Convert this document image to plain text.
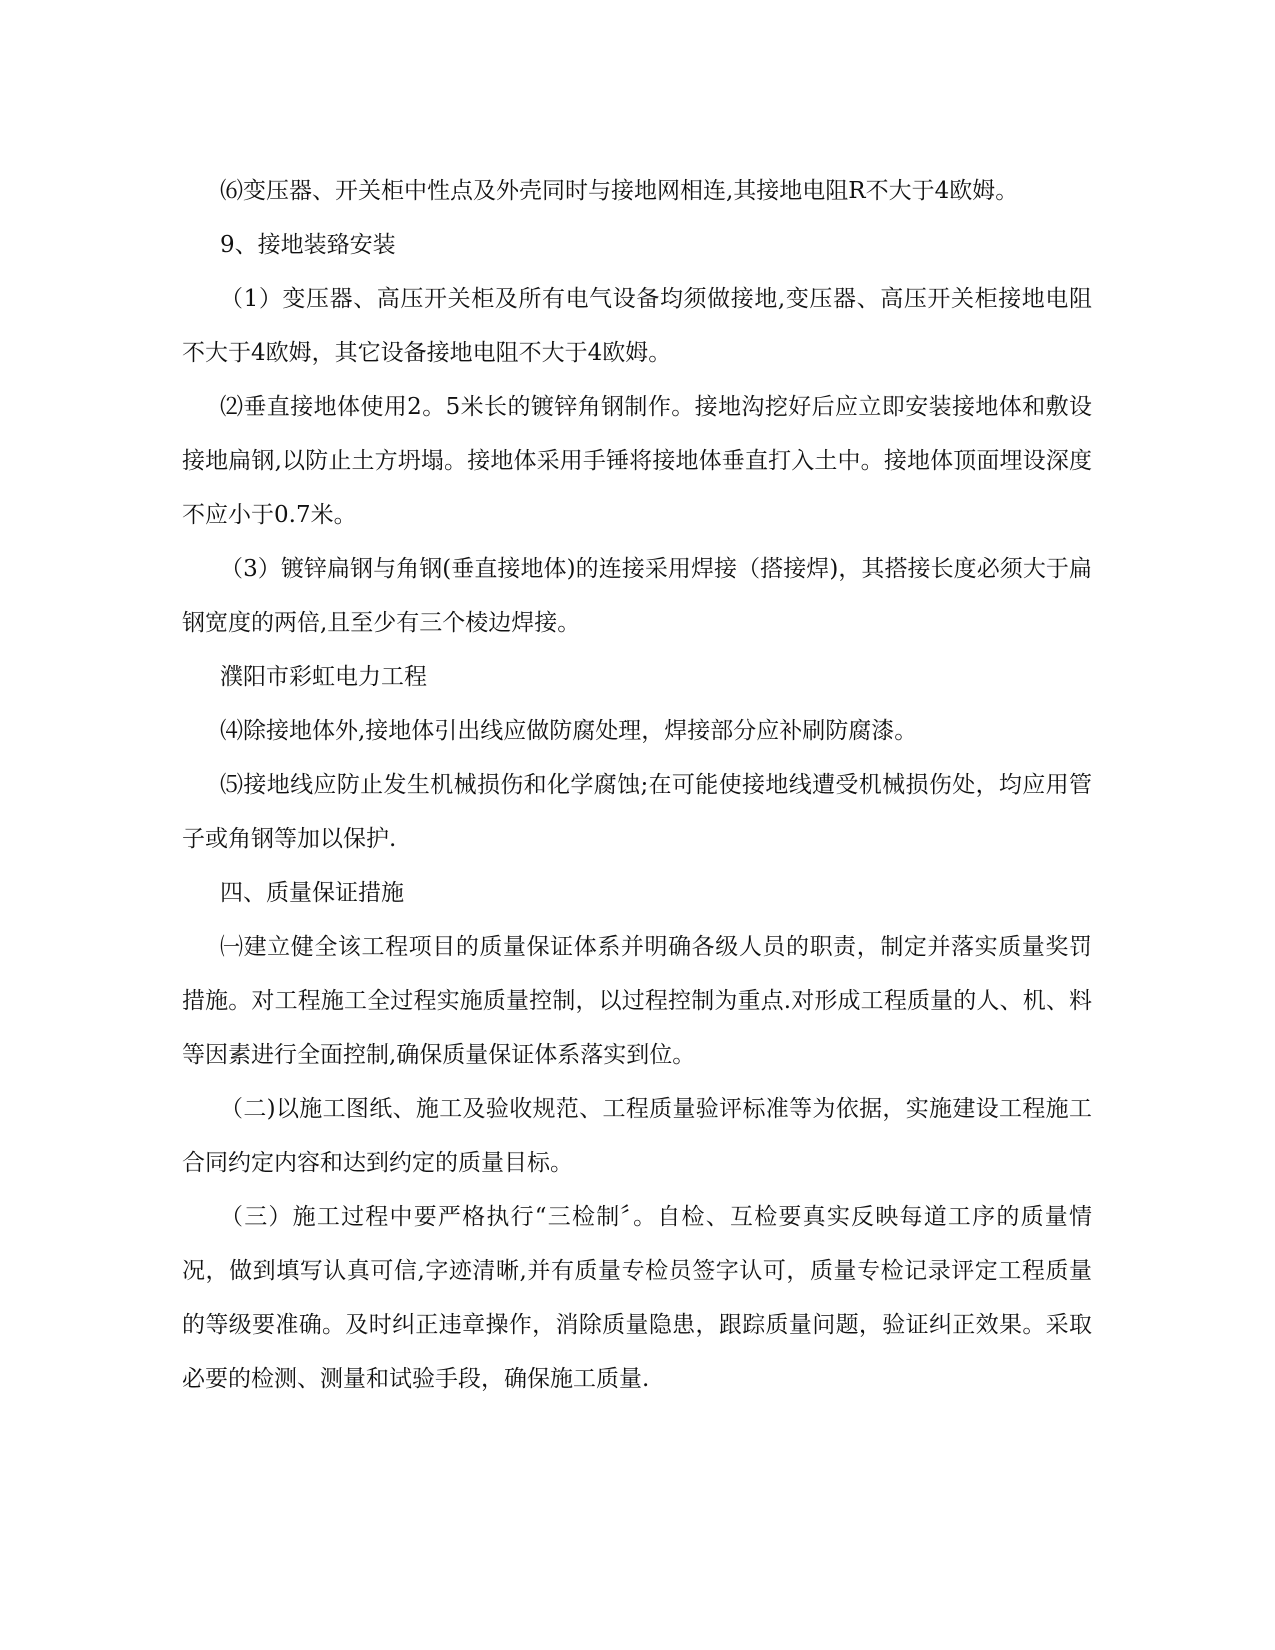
⑹变压器、开关柜中性点及外壳同时与接地网相连,其接地电阻R不大于4欧姆。

9、接地装臵安装

（1）变压器、高压开关柜及所有电气设备均须做接地,变压器、高压开关柜接地电阻不大于4欧姆，其它设备接地电阻不大于4欧姆。

⑵垂直接地体使用2。5米长的镀锌角钢制作。接地沟挖好后应立即安装接地体和敷设接地扁钢,以防止土方坍塌。接地体采用手锤将接地体垂直打入土中。接地体顶面埋设深度不应小于0.7米。

（3）镀锌扁钢与角钢(垂直接地体)的连接采用焊接（搭接焊)，其搭接长度必须大于扁钢宽度的两倍,且至少有三个棱边焊接。

濮阳市彩虹电力工程

⑷除接地体外,接地体引出线应做防腐处理，焊接部分应补刷防腐漆。

⑸接地线应防止发生机械损伤和化学腐蚀;在可能使接地线遭受机械损伤处，均应用管子或角钢等加以保护.

四、质量保证措施

㈠建立健全该工程项目的质量保证体系并明确各级人员的职责，制定并落实质量奖罚措施。对工程施工全过程实施质量控制，以过程控制为重点.对形成工程质量的人、机、料等因素进行全面控制,确保质量保证体系落实到位。

（二)以施工图纸、施工及验收规范、工程质量验评标准等为依据，实施建设工程施工合同约定内容和达到约定的质量目标。

（三）施工过程中要严格执行“三检制〞。自检、互检要真实反映每道工序的质量情况，做到填写认真可信,字迹清晰,并有质量专检员签字认可，质量专检记录评定工程质量的等级要准确。及时纠正违章操作，消除质量隐患，跟踪质量问题，验证纠正效果。采取必要的检测、测量和试验手段，确保施工质量.
